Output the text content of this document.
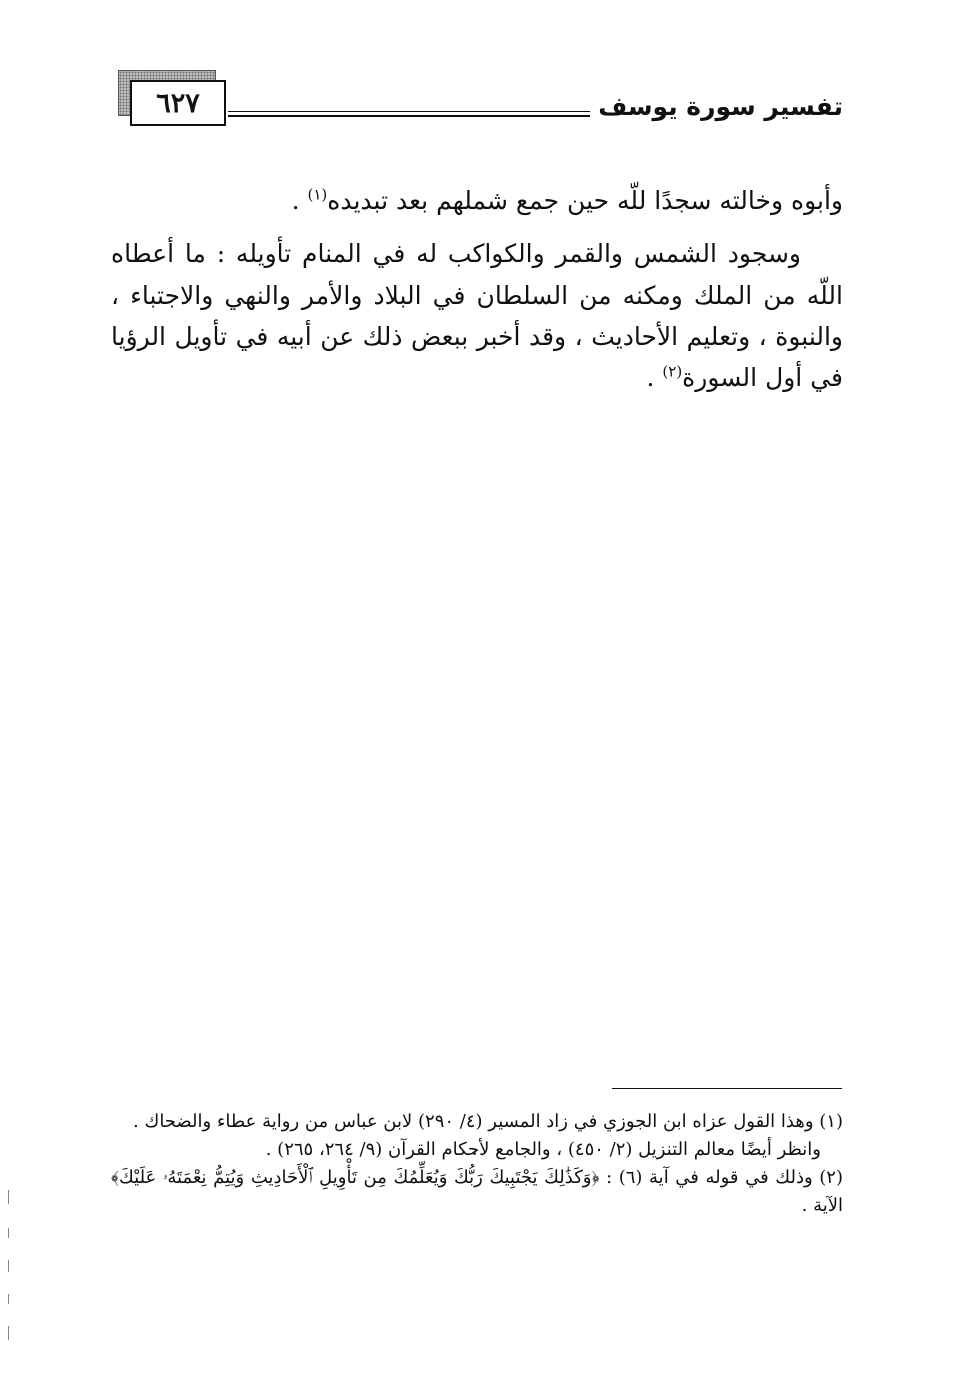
٦٢٧	تفسير سورة يوسف

وأبوه وخالته سجدًا للّه حين جمع شملهم بعد تبديده$^{(١)}$ .

وسجود الشمس والقمر والكواكب له في المنام تأويله : ما أعطاه اللّه من الملك ومكنه من السلطان في البلاد والأمر والنهي والاجتباء ، والنبوة ، وتعليم الأحاديث ، وقد أخبر ببعض ذلك عن أبيه في تأويل الرؤيا في أول السورة$^{(٢)}$ .

(١) وهذا القول عزاه ابن الجوزي في زاد المسير (٤/ ٢٩٠) لابن عباس من رواية عطاء والضحاك .

وانظر أيضًا معالم التنزيل (٢/ ٤٥٠) ، والجامع لأحكام القرآن (٩/ ٢٦٤، ٢٦٥) .

(٢) وذلك في قوله في آية (٦) : ﴿وَكَذَٰلِكَ يَجْتَبِيكَ رَبُّكَ وَيُعَلِّمُكَ مِن تَأْوِيلِ ٱلْأَحَادِيثِ وَيُتِمُّ نِعْمَتَهُۥ عَلَيْكَ﴾ الآية .
